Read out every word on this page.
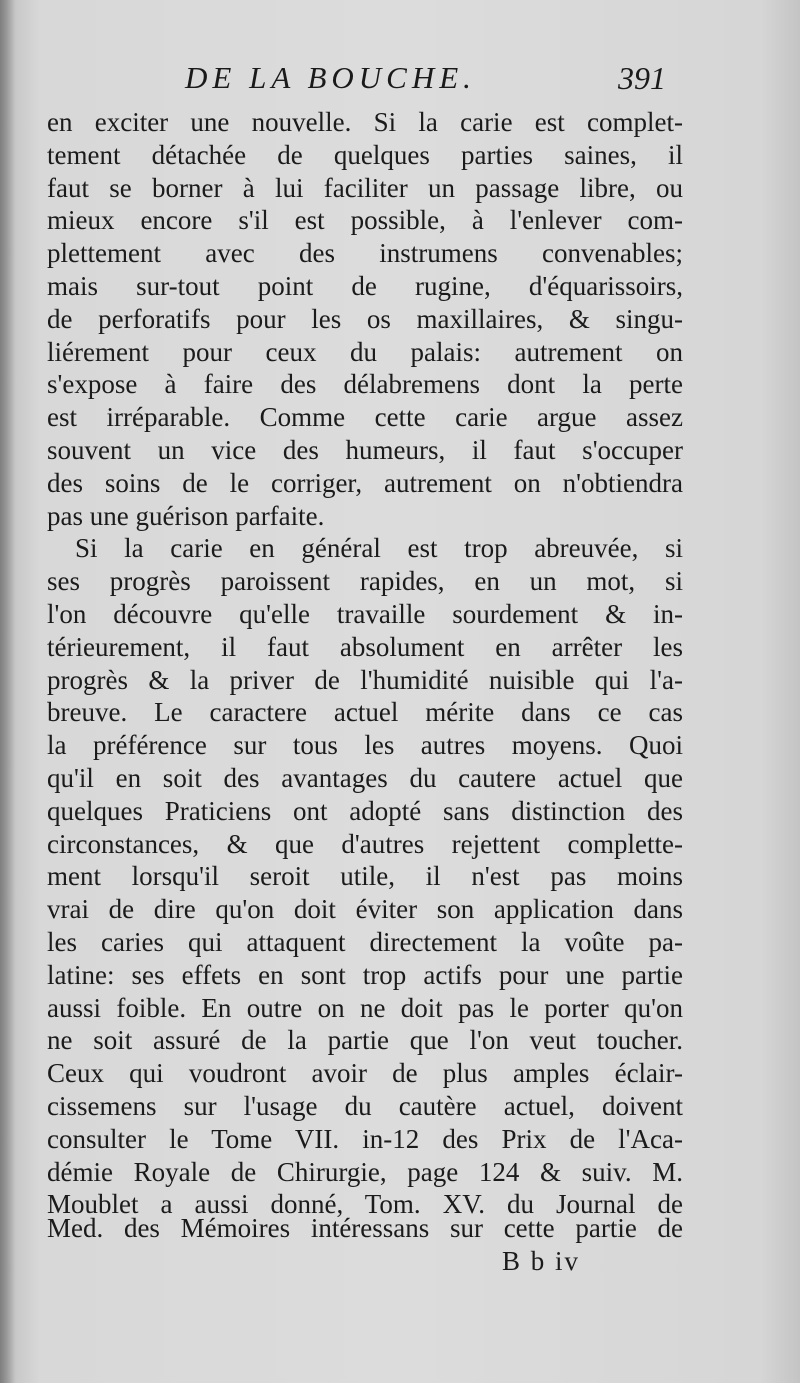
DE LA BOUCHE.	391
en exciter une nouvelle. Si la carie est complet-
tement détachée de quelques parties saines, il
faut se borner à lui faciliter un passage libre, ou
mieux encore s'il est possible, à l'enlever com-
plettement avec des instrumens convenables;
mais sur-tout point de rugine, d'équarissoirs,
de perforatifs pour les os maxillaires, & singu-
liérement pour ceux du palais: autrement on
s'expose à faire des délabremens dont la perte
est irréparable. Comme cette carie argue assez
souvent un vice des humeurs, il faut s'occuper
des soins de le corriger, autrement on n'obtiendra
pas une guérison parfaite.
Si la carie en général est trop abreuvée, si
ses progrès paroissent rapides, en un mot, si
l'on découvre qu'elle travaille sourdement & in-
térieurement, il faut absolument en arrêter les
progrès & la priver de l'humidité nuisible qui l'a-
breuve. Le caractere actuel mérite dans ce cas
la préférence sur tous les autres moyens. Quoi
qu'il en soit des avantages du cautere actuel que
quelques Praticiens ont adopté sans distinction des
circonstances, & que d'autres rejettent complette-
ment lorsqu'il seroit utile, il n'est pas moins
vrai de dire qu'on doit éviter son application dans
les caries qui attaquent directement la voûte pa-
latine: ses effets en sont trop actifs pour une partie
aussi foible. En outre on ne doit pas le porter qu'on
ne soit assuré de la partie que l'on veut toucher.
Ceux qui voudront avoir de plus amples éclair-
cissemens sur l'usage du cautère actuel, doivent
consulter le Tome VII. in-12 des Prix de l'Aca-
démie Royale de Chirurgie, page 124 & suiv. M.
Moublet a aussi donné, Tom. XV. du Journal de
Med. des Mémoires intéressans sur cette partie de
B b iv
